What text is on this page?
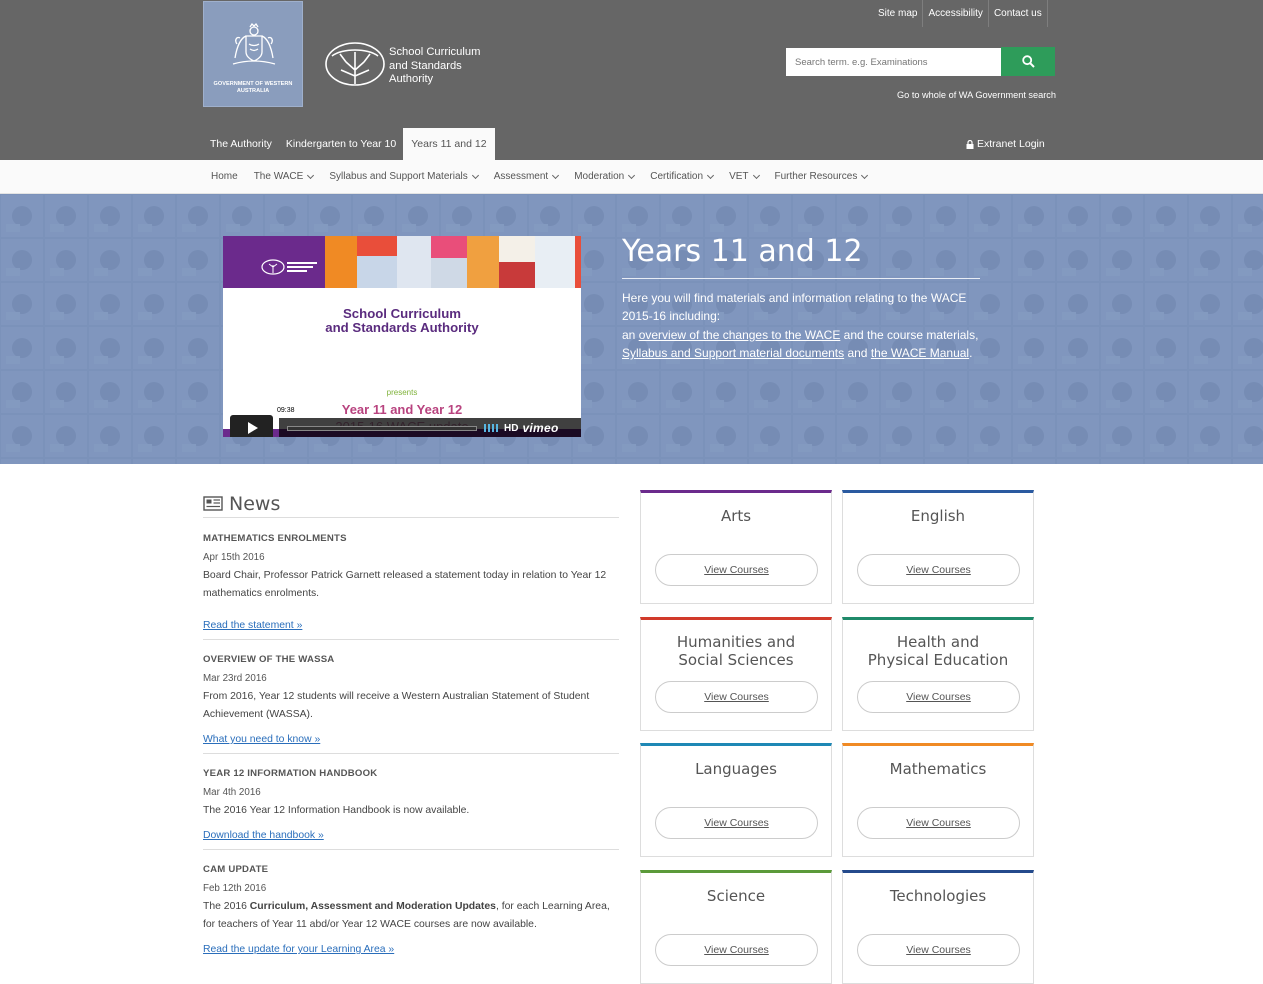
GOVERNMENT OF WESTERN AUSTRALIA
School Curriculum
and Standards
Authority
Site map	Accessibility	Contact us
Search term. e.g. Examinations
Go to whole of WA Government search
The Authority	Kindergarten to Year 10	Years 11 and 12	Extranet Login
Home The WACE	Syllabus and Support Materials	Assessment	Moderation	Certification	VET	Further Resources
School Curriculum
and Standards Authority
presents
Year 11 and Year 12
09:38
HD vimeo
Years 11 and 12
Here you will find materials and information relating to the WACE 2015-16 including:
an overview of the changes to the WACE and the course materials, Syllabus and Support material documents and the WACE Manual.
News
MATHEMATICS ENROLMENTS
Apr 15th 2016

Board Chair, Professor Patrick Garnett released a statement today in relation to Year 12 mathematics enrolments.

Read the statement »
OVERVIEW OF THE WASSA
Mar 23rd 2016

From 2016, Year 12 students will receive a Western Australian Statement of Student Achievement (WASSA).

What you need to know »
YEAR 12 INFORMATION HANDBOOK
Mar 4th 2016

The 2016 Year 12 Information Handbook is now available.

Download the handbook »
CAM UPDATE
Feb 12th 2016

The 2016 Curriculum, Assessment and Moderation Updates, for each Learning Area, for teachers of Year 11 abd/or Year 12 WACE courses are now available.

Read the update for your Learning Area »
Arts
View Courses
English
View Courses
Humanities and Social Sciences
View Courses
Health and Physical Education
View Courses
Languages
View Courses
Mathematics
View Courses
Science
View Courses
Technologies
View Courses
